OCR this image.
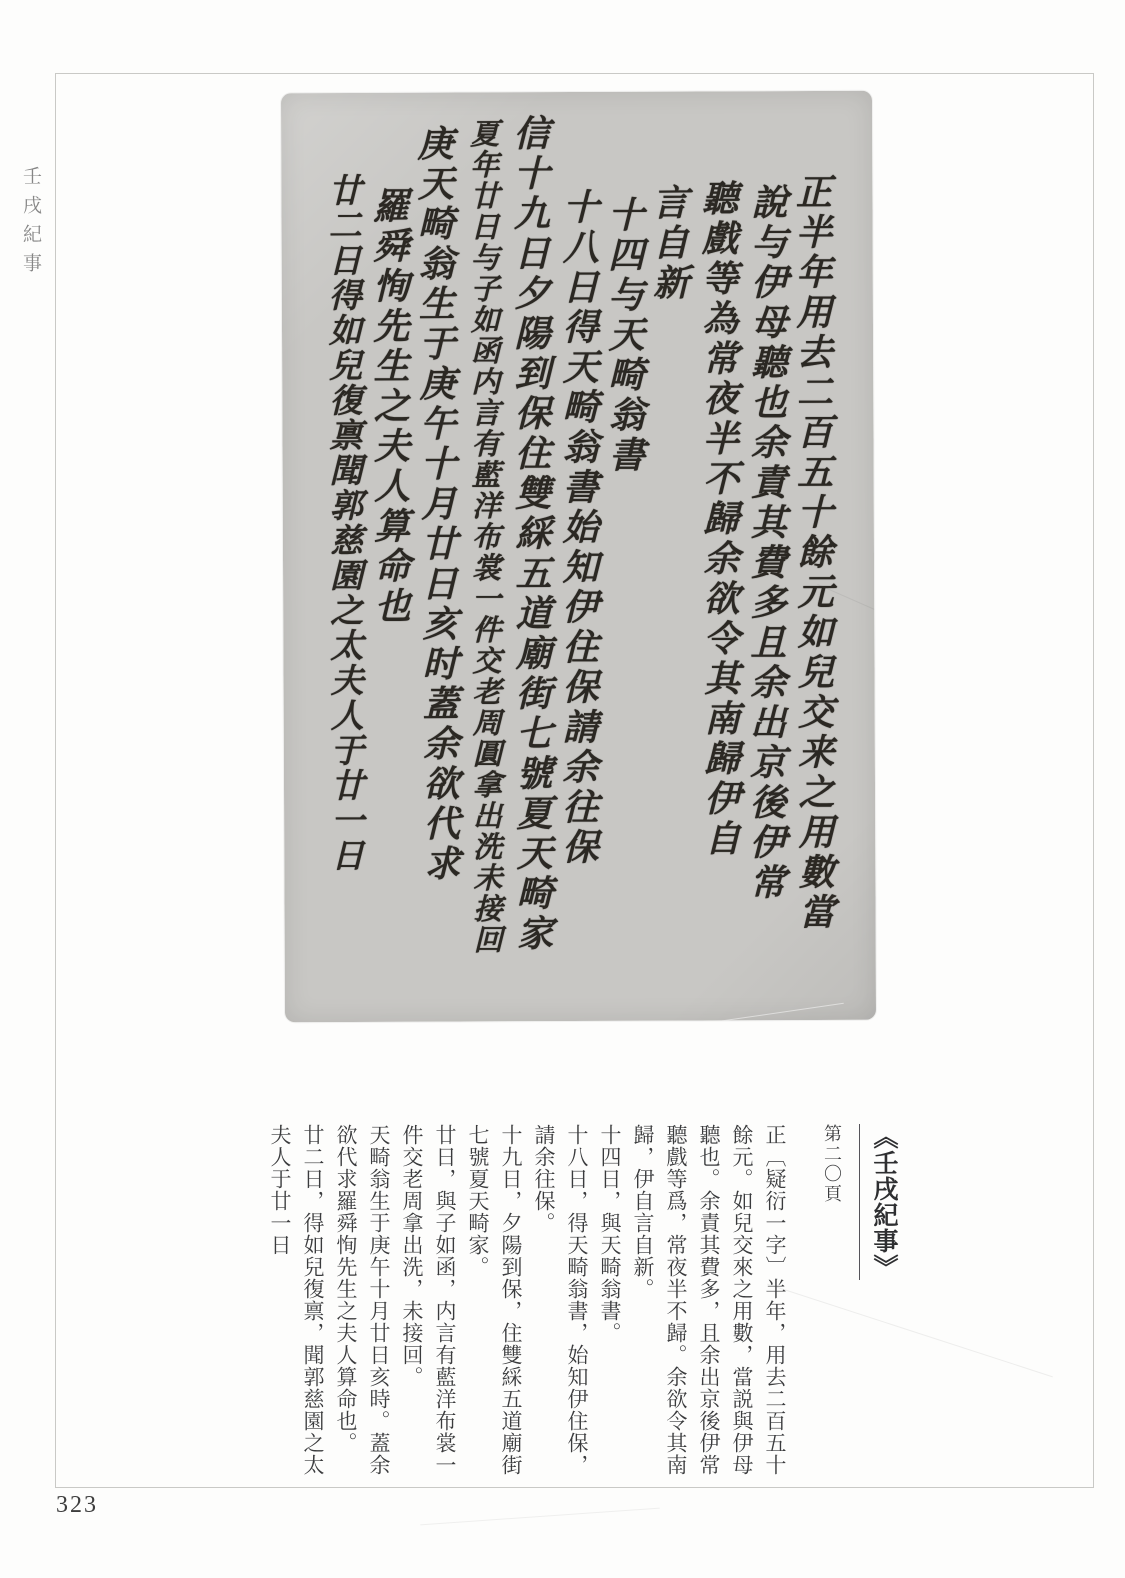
壬戌紀事	正半年用去二百五十餘元如兒交来之用數當
說与伊母聽也余責其費多且余出京後伊常
聽戲等為常夜半不歸余欲令其南歸伊自
言自新
十四与天畸翁書
十八日得天畸翁書始知伊住保請余往保
信十九日夕陽到保住雙綵五道廟街七號夏天畸家
夏年廿日与子如函内言有藍洋布裳一件交老周圓拿出洗未接回
庚天畸翁生于庚午十月廿日亥时蓋余欲代求
羅舜恂先生之夫人算命也
廿二日得如兒復禀聞郭慈園之太夫人于廿一日
《壬戌紀事》
第二〇頁
正〔疑衍一字〕半年，用去二百五十
餘元。如兒交來之用數，當説與伊母
聽也。余責其費多，且余出京後伊常
聽戲等爲，常夜半不歸。余欲令其南
歸，伊自言自新。
十四日，與天畸翁書。
十八日，得天畸翁書，始知伊住保，
請余往保。
十九日，夕陽到保，住雙綵五道廟街
七號夏天畸家。
廿日，與子如函，内言有藍洋布裳一
件交老周拿出洗，未接回。
天畸翁生于庚午十月廿日亥時。蓋余
欲代求羅舜恂先生之夫人算命也。
廿二日，得如兒復禀，聞郭慈園之太
夫人于廿一日
323
